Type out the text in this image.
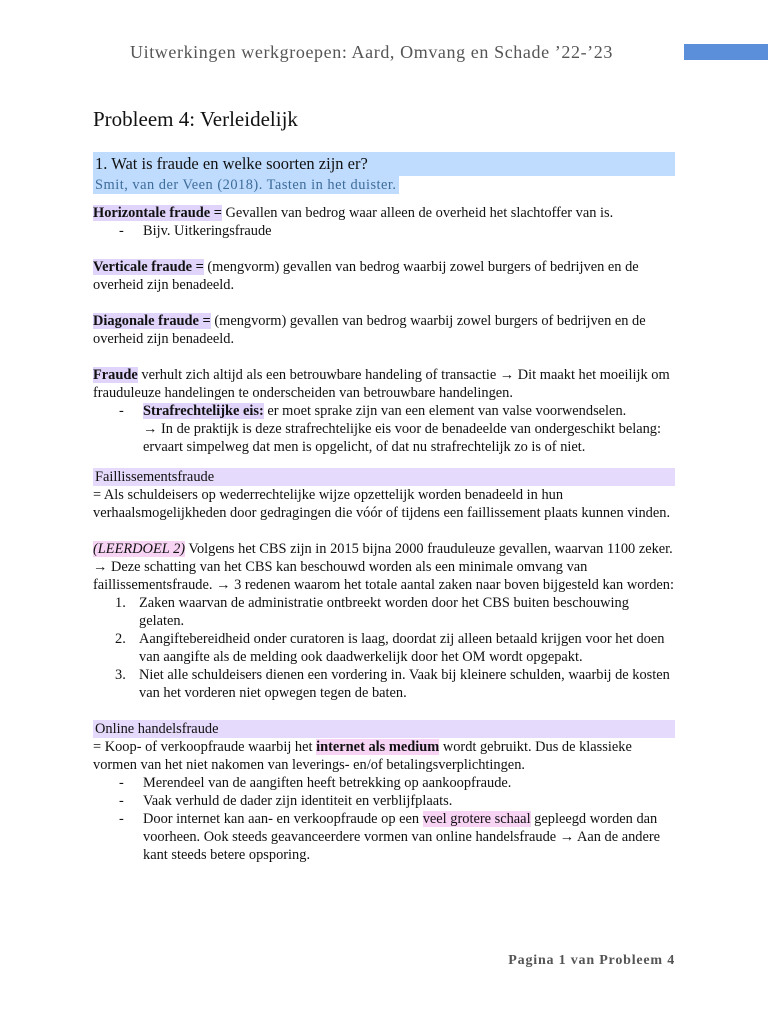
Uitwerkingen werkgroepen: Aard, Omvang en Schade ’22-’23
Probleem 4: Verleidelijk
1. Wat is fraude en welke soorten zijn er?
Smit, van der Veen (2018). Tasten in het duister.

Horizontale fraude = Gevallen van bedrog waar alleen de overheid het slachtoffer van is.

- Bijv. Uitkeringsfraude

Verticale fraude = (mengvorm) gevallen van bedrog waarbij zowel burgers of bedrijven en de overheid zijn benadeeld.

Diagonale fraude = (mengvorm) gevallen van bedrog waarbij zowel burgers of bedrijven en de overheid zijn benadeeld.

Fraude verhult zich altijd als een betrouwbare handeling of transactie → Dit maakt het moeilijk om frauduleuze handelingen te onderscheiden van betrouwbare handelingen.

- Strafrechtelijke eis: er moet sprake zijn van een element van valse voorwendselen.

→ In de praktijk is deze strafrechtelijke eis voor de benadeelde van ondergeschikt belang: ervaart simpelweg dat men is opgelicht, of dat nu strafrechtelijk zo is of niet.

Faillissementsfraude

= Als schuldeisers op wederrechtelijke wijze opzettelijk worden benadeeld in hun verhaalsmogelijkheden door gedragingen die vóór of tijdens een faillissement plaats kunnen vinden.

(LEERDOEL 2) Volgens het CBS zijn in 2015 bijna 2000 frauduleuze gevallen, waarvan 1100 zeker. → Deze schatting van het CBS kan beschouwd worden als een minimale omvang van faillissementsfraude. → 3 redenen waarom het totale aantal zaken naar boven bijgesteld kan worden:

1. Zaken waarvan de administratie ontbreekt worden door het CBS buiten beschouwing gelaten.
2. Aangiftebereidheid onder curatoren is laag, doordat zij alleen betaald krijgen voor het doen van aangifte als de melding ook daadwerkelijk door het OM wordt opgepakt.
3. Niet alle schuldeisers dienen een vordering in. Vaak bij kleinere schulden, waarbij de kosten van het vorderen niet opwegen tegen de baten.
Online handelsfraude

= Koop- of verkoopfraude waarbij het internet als medium wordt gebruikt. Dus de klassieke vormen van het niet nakomen van leverings- en/of betalingsverplichtingen.

- Merendeel van de aangiften heeft betrekking op aankoopfraude.
- Vaak verhuld de dader zijn identiteit en verblijfplaats.
- Door internet kan aan- en verkoopfraude op een veel grotere schaal gepleegd worden dan voorheen. Ook steeds geavanceerdere vormen van online handelsfraude → Aan de andere kant steeds betere opsporing.
Pagina 1 van Probleem 4
